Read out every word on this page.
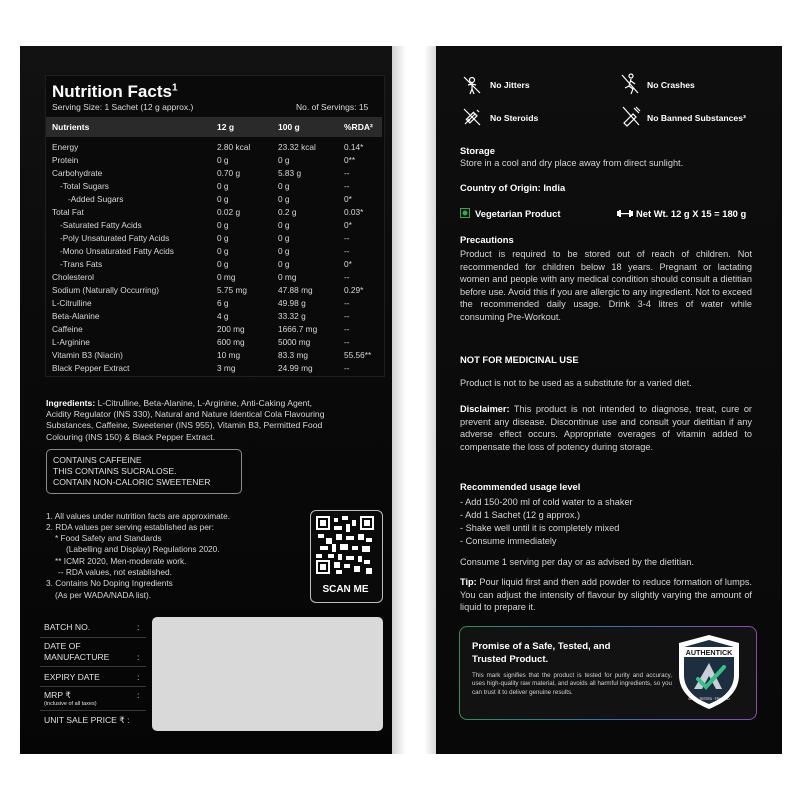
Nutrition Facts$^1$
Serving Size: 1 Sachet (12 g approx.)	No. of Servings: 15
Nutrients	12 g	100 g	%RDA²
Energy	2.80 kcal	23.32 kcal	0.14*
Protein	0 g	0 g	0**
Carbohydrate	0.70 g	5.83 g	--
-Total Sugars	0 g	0 g	--
-Added Sugars	0 g	0 g	0*
Total Fat	0.02 g	0.2 g	0.03*
-Saturated Fatty Acids	0 g	0 g	0*
-Poly Unsaturated Fatty Acids	0 g	0 g	--
-Mono Unsaturated Fatty Acids	0 g	0 g	--
-Trans Fats	0 g	0 g	0*
Cholesterol	0 mg	0 mg	--
Sodium (Naturally Occurring)	5.75 mg	47.88 mg	0.29*
L-Citrulline	6 g	49.98 g	--
Beta-Alanine	4 g	33.32 g	--
Caffeine	200 mg	1666.7 mg	--
L-Arginine	600 mg	5000 mg	--
Vitamin B3 (Niacin)	10 mg	83.3 mg	55.56**
Black Pepper Extract	3 mg	24.99 mg	--
Ingredients: L-Citrulline, Beta-Alanine, L-Arginine, Anti-Caking Agent,
Acidity Regulator (INS 330), Natural and Nature Identical Cola Flavouring
Substances, Caffeine, Sweetener (INS 955), Vitamin B3, Permitted Food
Colouring (INS 150) & Black Pepper Extract.
CONTAINS CAFFEINE
THIS CONTAINS SUCRALOSE.
CONTAIN NON-CALORIC SWEETENER
1. All values under nutrition facts are approximate.
2. RDA values per serving established as per:
* Food Safety and Standards
(Labelling and Display) Regulations 2020.
** ICMR 2020, Men-moderate work.
-- RDA values, not established.
3. Contains No Doping Ingredients
(As per WADA/NADA list).	SCAN ME
BATCH NO.	:
DATE OF
MANUFACTURE	:
EXPIRY DATE	:
MRP ₹	:
(inclusive of all taxes)
UNIT SALE PRICE ₹ :
No Jitters	No Crashes
No Steroids	No Banned Substances³
Storage
Store in a cool and dry place away from direct sunlight.
Country of Origin: India
Vegetarian Product	Net Wt. 12 g X 15 = 180 g
Precautions
Product is required to be stored out of reach of children. Not recommended for children below 18 years. Pregnant or lactating women and people with any medical condition should consult a dietitian before use. Avoid this if you are allergic to any ingredient. Not to exceed the recommended daily usage. Drink 3-4 litres of water while consuming Pre-Workout.
NOT FOR MEDICINAL USE
Product is not to be used as a substitute for a varied diet.
Disclaimer: This product is not intended to diagnose, treat, cure or prevent any disease. Discontinue use and consult your dietitian if any adverse effect occurs. Appropriate overages of vitamin added to compensate the loss of potency during storage.
Recommended usage level
- Add 150-200 ml of cold water to a shaker
- Add 1 Sachet (12 g approx.)
- Shake well until it is completely mixed
- Consume immediately
Consume 1 serving per day or as advised by the dietitian.
Tip: Pour liquid first and then add powder to reduce formation of lumps. You can adjust the intensity of flavour by slightly varying the amount of liquid to prepare it.
Promise of a Safe, Tested, and
Trusted Product.
This mark signifies that the product is tested for purity and accuracy, uses high-quality raw material, and avoids all harmful ingredients, so you can trust it to deliver genuine results.
AUTHENTICK
SAFE · TESTED · TRUSTED
